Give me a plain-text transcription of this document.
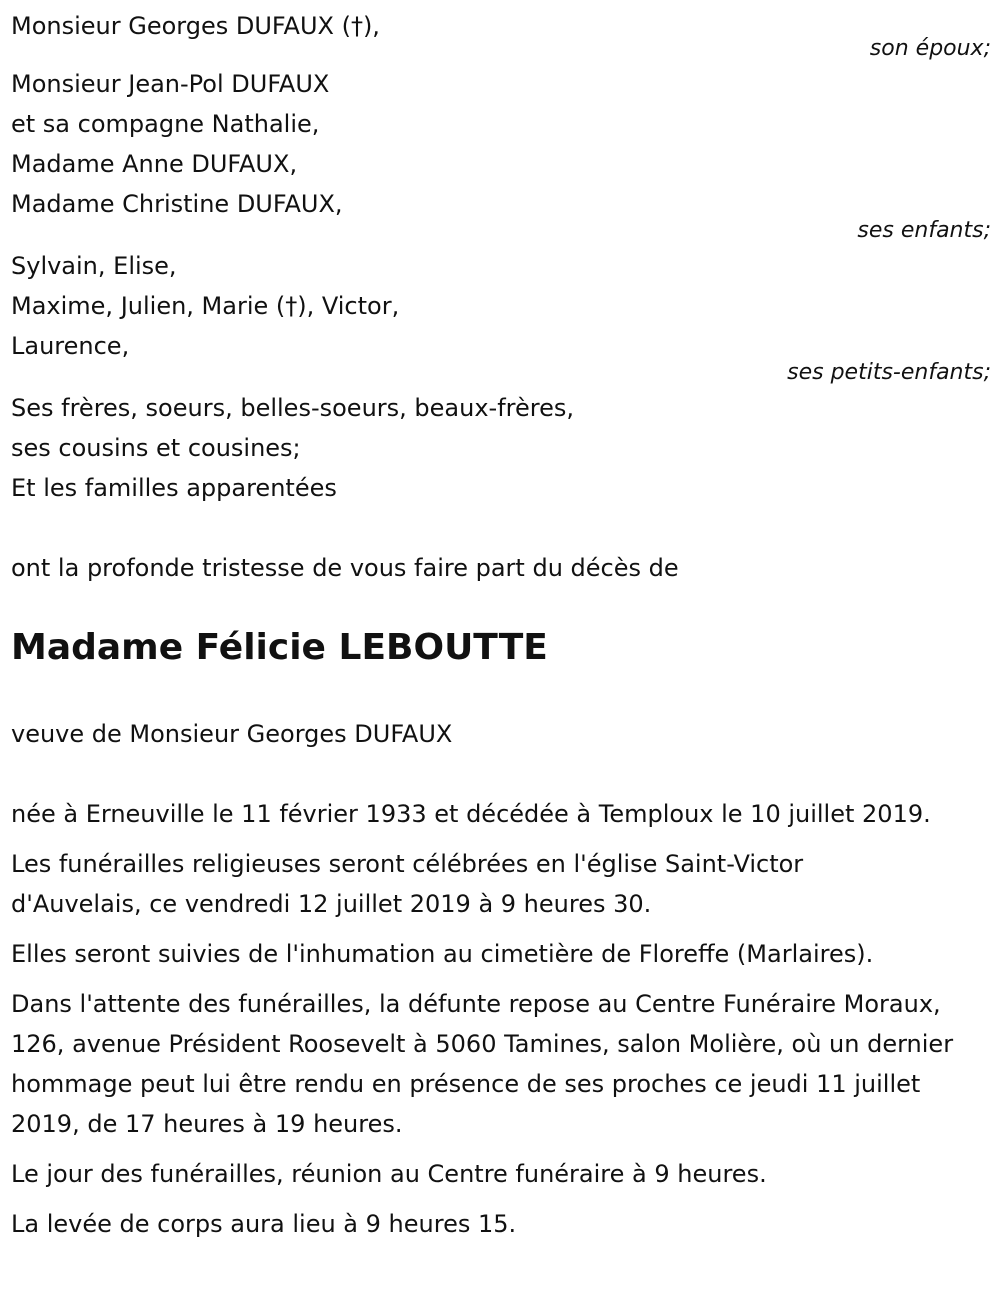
Monsieur Georges DUFAUX (†),
son époux;
Monsieur Jean-Pol DUFAUX
et sa compagne Nathalie,
Madame Anne DUFAUX,
Madame Christine DUFAUX,
ses enfants;
Sylvain, Elise,
Maxime, Julien, Marie (†), Victor,
Laurence,
ses petits-enfants;
Ses frères, soeurs, belles-soeurs, beaux-frères,
ses cousins et cousines;
Et les familles apparentées
ont la profonde tristesse de vous faire part du décès de
Madame Félicie LEBOUTTE
veuve de Monsieur Georges DUFAUX

née à Erneuville le 11 février 1933 et décédée à Temploux le 10 juillet 2019.

Les funérailles religieuses seront célébrées en l'église Saint-Victor d'Auvelais, ce vendredi 12 juillet 2019 à 9 heures 30.

Elles seront suivies de l'inhumation au cimetière de Floreffe (Marlaires).

Dans l'attente des funérailles, la défunte repose au Centre Funéraire Moraux, 126, avenue Président Roosevelt à 5060 Tamines, salon Molière, où un dernier hommage peut lui être rendu en présence de ses proches ce jeudi 11 juillet 2019, de 17 heures à 19 heures.

Le jour des funérailles, réunion au Centre funéraire à 9 heures.

La levée de corps aura lieu à 9 heures 15.
